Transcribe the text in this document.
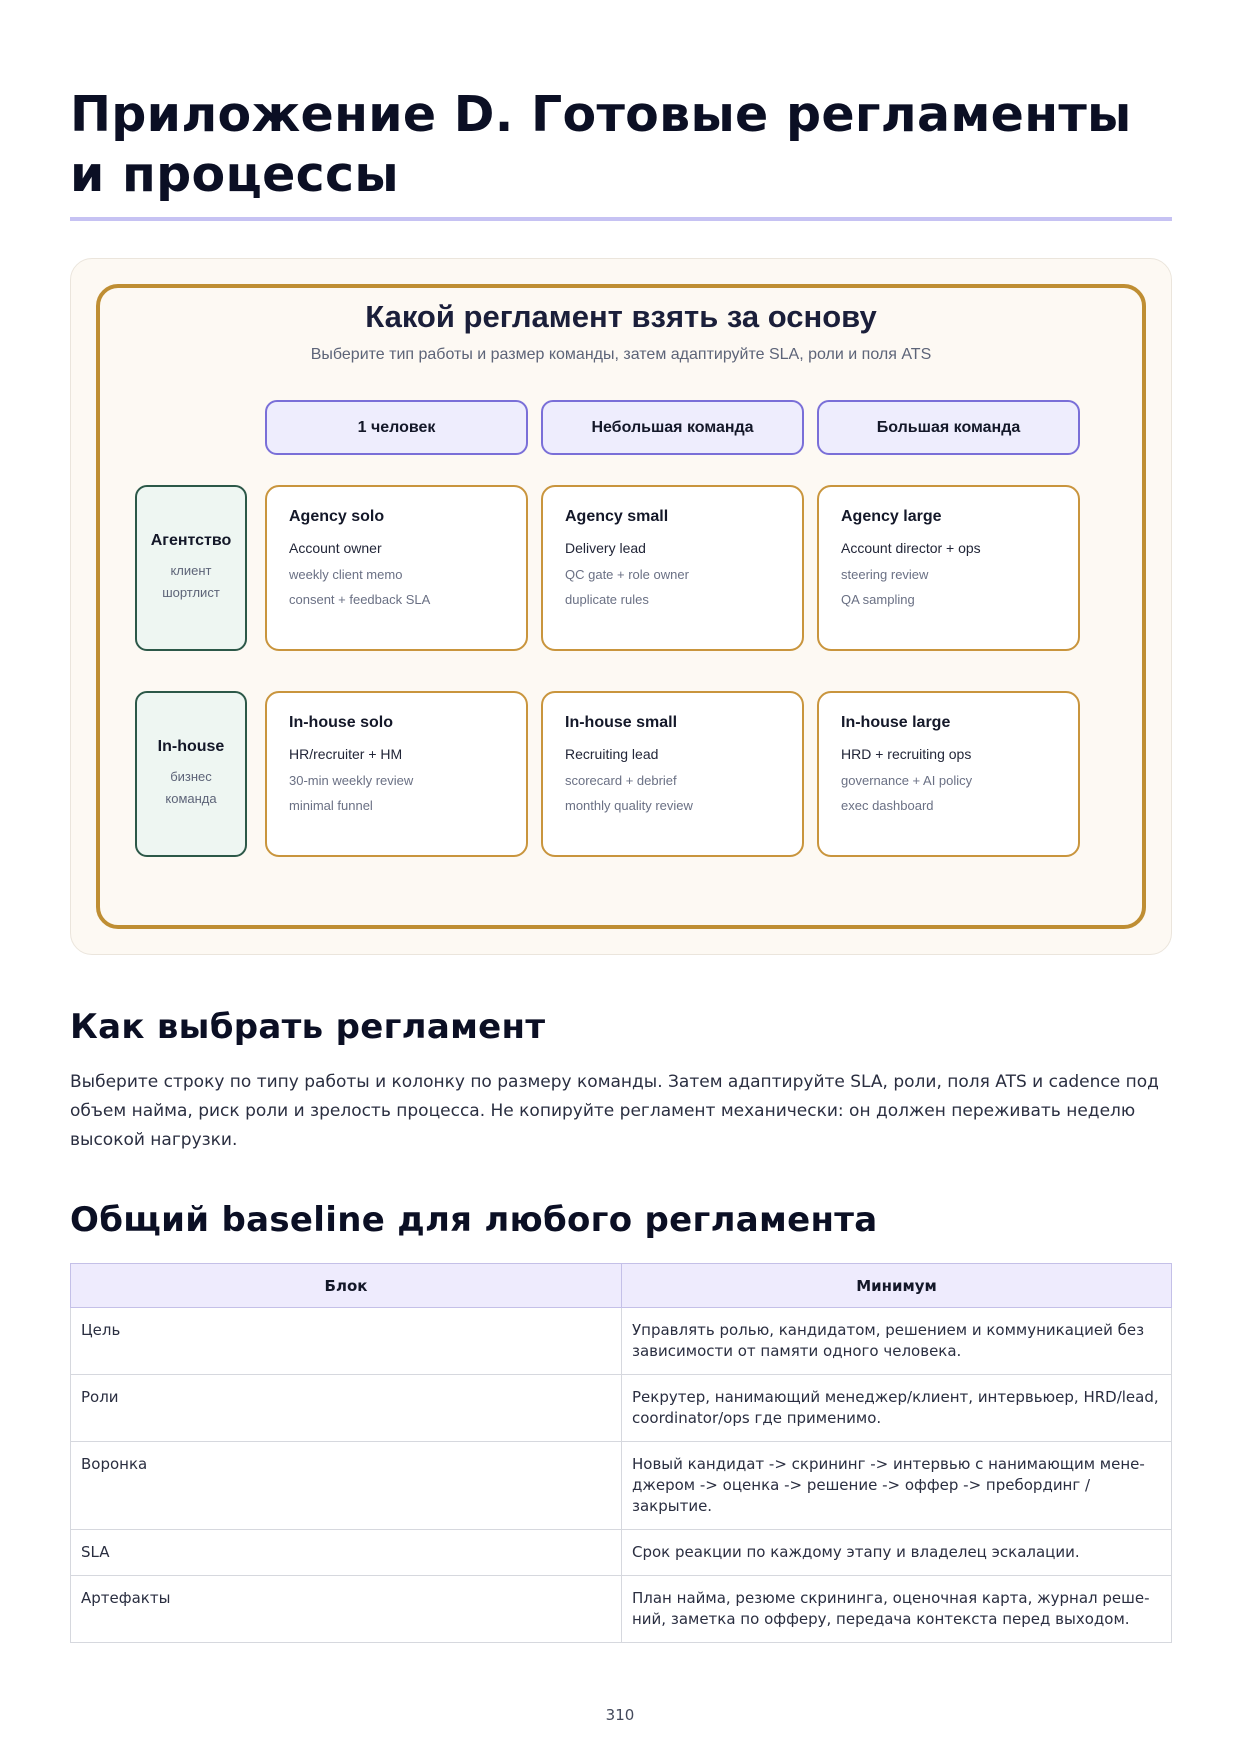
Приложение D. Готовые регламенты и процессы
Какой регламент взять за основу
Выберите тип работы и размер команды, затем адаптируйте SLA, роли и поля ATS
1 человек	Небольшая команда	Большая команда
Агентство
клиент
шортлист
Agency solo
Account owner
weekly client memo
consent + feedback SLA
Agency small
Delivery lead
QC gate + role owner
duplicate rules
Agency large
Account director + ops
steering review
QA sampling
In-house
бизнес
команда
In-house solo
HR/recruiter + HM
30-min weekly review
minimal funnel
In-house small
Recruiting lead
scorecard + debrief
monthly quality review
In-house large
HRD + recruiting ops
governance + AI policy
exec dashboard
Как выбрать регламент

Выберите строку по типу работы и колонку по размеру команды. Затем адаптируйте SLA, роли, поля ATS и cadence под объем найма, риск роли и зрелость процесса. Не копируйте регламент механически: он должен переживать неделю высокой нагрузки.

Общий baseline для любого регламента
Блок	Минимум
Цель	Управлять ролью, кандидатом, решением и коммуникацией без зависимости от памяти одного человека.
Роли	Рекрутер, нанимающий менеджер/клиент, интервьюер, HRD/lead, coordinator/ops где применимо.
Воронка	Новый кандидат -> скрининг -> интервью с нанимающим менеджером -> оценка -> решение -> оффер -> пребординг / закрытие.
SLA	Срок реакции по каждому этапу и владелец эскалации.
Артефакты	План найма, резюме скрининга, оценочная карта, журнал решений, заметка по офферу, передача контекста перед выходом.
310
